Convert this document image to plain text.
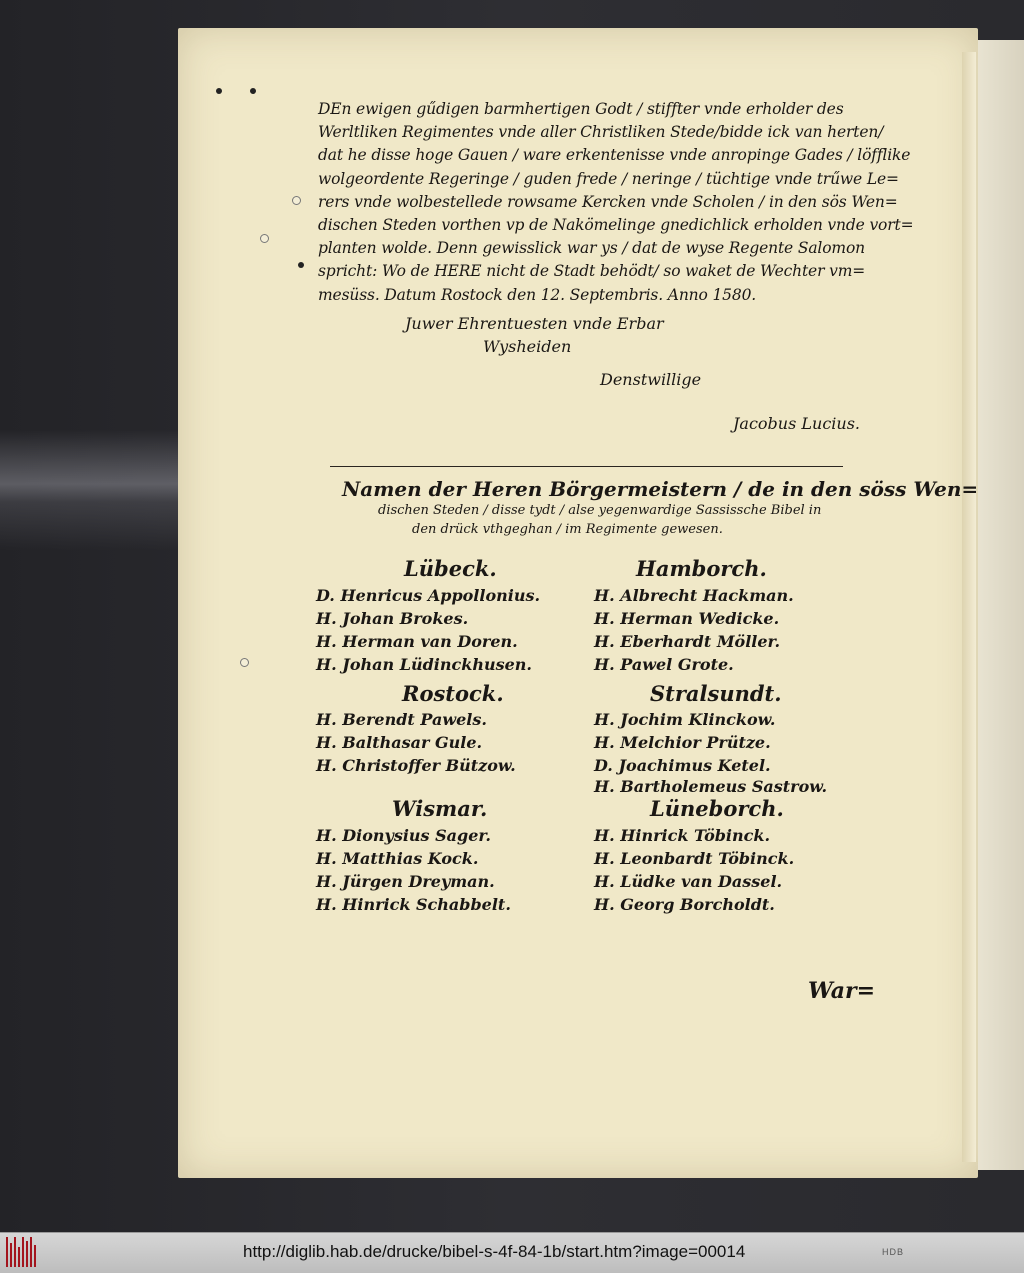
DEn ewigen gűdigen barmhertigen Godt / stiffter vnde erholder des
Werltliken Regimentes vnde aller Christliken Stede/bidde ick van herten/
dat he disse hoge Gauen / ware erkentenisse vnde anropinge Gades / löfflike
wolgeordente Regeringe / guden frede / neringe / tüchtige vnde trűwe Le=
rers vnde wolbestellede rowsame Kercken vnde Scholen / in den sös Wen=
dischen Steden vorthen vp de Nakömelinge gnedichlick erholden vnde vort=
planten wolde. Denn gewisslick war ys / dat de wyse Regente Salomon
spricht: Wo de HERE nicht de Stadt behödt/ so waket de Wechter vm=
mesüss. Datum Rostock den 12. Septembris. Anno 1580.
Juwer Ehrentuesten vnde Erbar
Wysheiden
Denstwillige
Jacobus Lucius.
Namen der Heren Börgermeistern / de in den söss Wen=
dischen Steden / disse tydt / alse yegenwardige Sassissche Bibel in
den drück vthgeghan / im Regimente gewesen.
Lübeck.
D. Henricus Appollonius.
H. Johan Brokes.
H. Herman van Doren.
H. Johan Lüdinckhusen.
Rostock.
H. Berendt Pawels.
H. Balthasar Gule.
H. Christoffer Bützow.
Wismar.
H. Dionysius Sager.
H. Matthias Kock.
H. Jürgen Dreyman.
H. Hinrick Schabbelt.
Hamborch.
H. Albrecht Hackman.
H. Herman Wedicke.
H. Eberhardt Möller.
H. Pawel Grote.
Stralsundt.
H. Jochim Klinckow.
H. Melchior Prütze.
D. Joachimus Ketel.
H. Bartholemeus Sastrow.
Lüneborch.
H. Hinrick Töbinck.
H. Leonbardt Töbinck.
H. Lüdke van Dassel.
H. Georg Borcholdt.
War=
http://diglib.hab.de/drucke/bibel-s-4f-84-1b/start.htm?image=00014	HDB
